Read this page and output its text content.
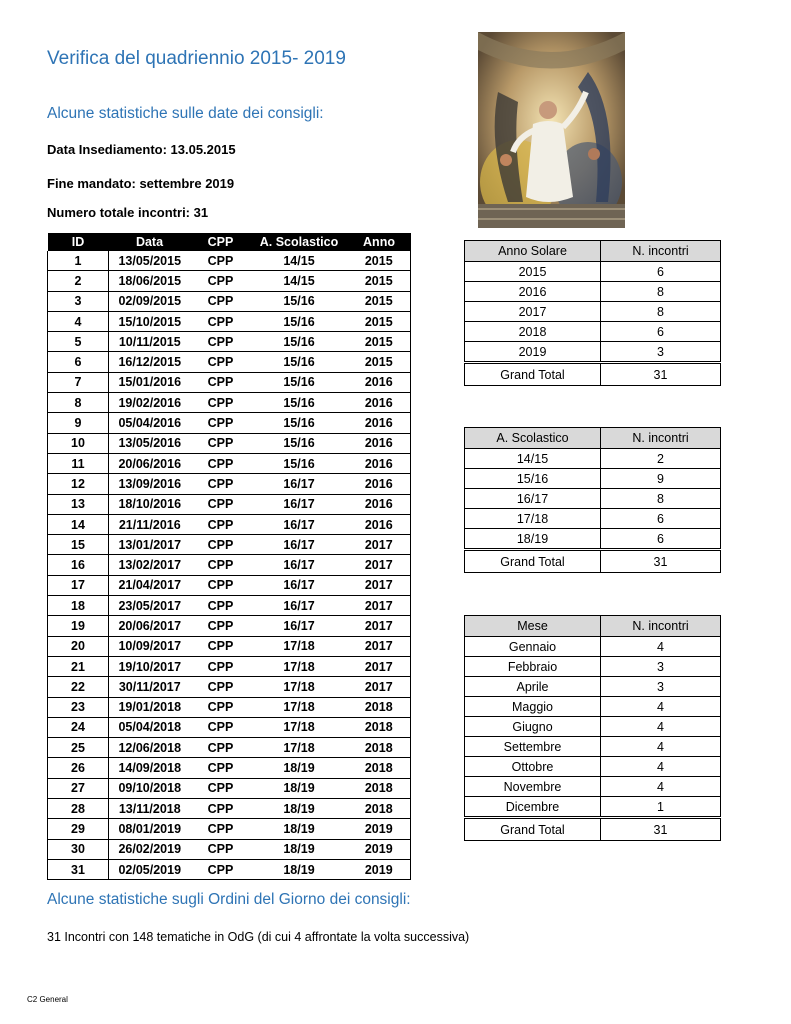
Verifica del quadriennio 2015- 2019
Alcune statistiche sulle date dei consigli:
Data Insediamento: 13.05.2015
Fine mandato: settembre 2019
Numero totale incontri: 31
ID	Data	CPP	A. Scolastico	Anno
1	13/05/2015	CPP	14/15	2015
2	18/06/2015	CPP	14/15	2015
3	02/09/2015	CPP	15/16	2015
4	15/10/2015	CPP	15/16	2015
5	10/11/2015	CPP	15/16	2015
6	16/12/2015	CPP	15/16	2015
7	15/01/2016	CPP	15/16	2016
8	19/02/2016	CPP	15/16	2016
9	05/04/2016	CPP	15/16	2016
10	13/05/2016	CPP	15/16	2016
11	20/06/2016	CPP	15/16	2016
12	13/09/2016	CPP	16/17	2016
13	18/10/2016	CPP	16/17	2016
14	21/11/2016	CPP	16/17	2016
15	13/01/2017	CPP	16/17	2017
16	13/02/2017	CPP	16/17	2017
17	21/04/2017	CPP	16/17	2017
18	23/05/2017	CPP	16/17	2017
19	20/06/2017	CPP	16/17	2017
20	10/09/2017	CPP	17/18	2017
21	19/10/2017	CPP	17/18	2017
22	30/11/2017	CPP	17/18	2017
23	19/01/2018	CPP	17/18	2018
24	05/04/2018	CPP	17/18	2018
25	12/06/2018	CPP	17/18	2018
26	14/09/2018	CPP	18/19	2018
27	09/10/2018	CPP	18/19	2018
28	13/11/2018	CPP	18/19	2018
29	08/01/2019	CPP	18/19	2019
30	26/02/2019	CPP	18/19	2019
31	02/05/2019	CPP	18/19	2019
Anno Solare	N. incontri
2015	6
2016	8
2017	8
2018	6
2019	3
Grand Total	31
A. Scolastico	N. incontri
14/15	2
15/16	9
16/17	8
17/18	6
18/19	6
Grand Total	31
Mese	N. incontri
Gennaio	4
Febbraio	3
Aprile	3
Maggio	4
Giugno	4
Settembre	4
Ottobre	4
Novembre	4
Dicembre	1
Grand Total	31
Alcune statistiche sugli Ordini del Giorno dei consigli:
31 Incontri con 148 tematiche in OdG (di cui 4 affrontate la volta successiva)
C2 General
